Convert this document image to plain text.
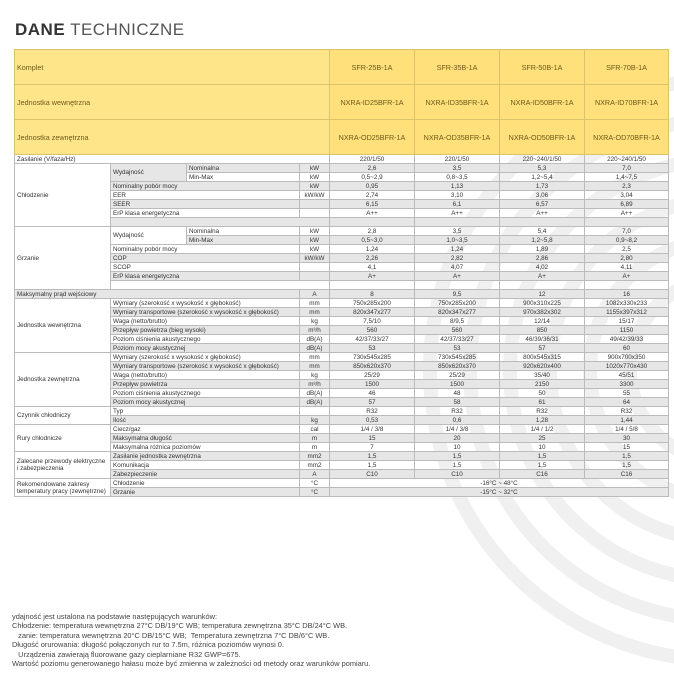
DANE TECHNICZNE
Komplet				SFR-25B-1A	SFR-35B-1A	SFR-50B-1A	SFR-70B-1A
Jednostka wewnętrzna				NXRA-ID25BFR-1A	NXRA-ID35BFR-1A	NXRA-ID50BFR-1A	NXRA-ID70BFR-1A
Jednostka zewnętrzna				NXRA-OD25BFR-1A	NXRA-OD35BFR-1A	NXRA-OD50BFR-1A	NXRA-OD70BFR-1A
Zasilanie (V/faza/Hz)				220/1/50	220/1/50	220~240/1/50	220~240/1/50
Chłodzenie	Wydajność	Nominalna	kW	2,6	3,5	5,3	7,0
		Min-Max	kW	0,5~2,9	0,8~3,5	1,2~5,4	1,4~7,5
	Nominalny pobór mocy		kW	0,95	1,13	1,73	2,3
	EER		kW/kW	2,74	3,10	3,06	3,04
	SEER			6,15	6,1	6,57	6,89
	ErP klasa energetyczna			A++	A++	A++	A++

Grzanie	Wydajność	Nominalna	kW	2,8	3,5	5,4	7,0
		Min-Max	kW	0,5~3,0	1,0~3,5	1,2~5,8	0,9~8,2
	Nominalny pobór mocy		kW	1,24	1,24	1,89	2,5
	COP		kW/kW	2,26	2,82	2,86	2,80
	SCOP			4,1	4,07	4,02	4,11
	ErP klasa energetyczna			A+	A+	A+	A+

Maksymalny prąd wejściowy			A	8	9,5	12	16
Jednostka wewnętrzna	Wymiary (szerokość x wysokość x głębokość)		mm	750x285x200	750x285x200	900x310x225	1082x330x233
	Wymiary transportowe (szerokość x wysokość x głębokość)		mm	820x347x277	820x347x277	970x382x302	1155x397x312
	Waga (netto/brutto)		kg	7,5/10	8/9,5	12/14	15/17
	Przepływ powietrza (bieg wysoki)		m³/h	560	560	850	1150
	Poziom ciśnienia akustycznego		dB(A)	42/37/33/27	42/37/33/27	46/39/36/31	49/42/39/33
	Poziom mocy akustycznej		dB(A)	53	53	57	60
Jednostka zewnętrzna	Wymiary (szerokość x wysokość x głębokość)		mm	730x545x285	730x545x285	800x545x315	900x700x350
	Wymiary transportowe (szerokość x wysokość x głębokość)		mm	850x620x370	850x620x370	920x620x400	1020x770x430
	Waga (netto/brutto)		kg	25/29	25/29	35/40	45/51
	Przepływ powietrza		m³/h	1500	1500	2150	3300
	Poziom ciśnienia akustycznego		dB(A)	46	48	50	55
	Poziom mocy akustycznej		dB(A)	57	58	61	64
Czynnik chłodniczy	Typ			R32	R32	R32	R32
	Ilość		kg	0,53	0,6	1,28	1,44
Rury chłodnicze	Ciecz/gaz		cal	1/4 / 3/8	1/4 / 3/8	1/4 / 1/2	1/4 / 5/8
	Maksymalna długość		m	15	20	25	30
	Maksymalna różnica poziomów		m	7	10	10	15
Zalecane przewody elektryczne
i zabezpieczenia	Zasilanie jednostka zewnętrzna		mm2	1,5	1,5	1,5	1,5
	Komunikacja		mm2	1,5	1,5	1,5	1,5
	Zabezpieczenie		A	C10	C10	C16	C16
Rekomendowane zakresy
temperatury pracy (zewnętrzne)	Chłodzenie		°C	-16°C ~ 48°C			
	Grzanie		°C	-15°C ~ 32°C			
ydajność jest ustalona na podstawie następujących warunków:
Chłodzenie: temperatura wewnętrzna 27°C DB/19°C WB; temperatura zewnętrzna 35°C DB/24°C WB.
zanie: temperatura wewnętrzna 20°C DB/15°C WB;  Temperatura zewnętrzna 7°C DB/6°C WB.
Długość orurowania: długość połączonych rur to 7.5m, różnica poziomów wynosi 0.
Urządzenia zawierają fluorowane gazy cieplarniane R32 GWP=675.
Wartość poziomu generowanego hałasu może być zmienna w zależności od metody oraz warunków pomiaru.
